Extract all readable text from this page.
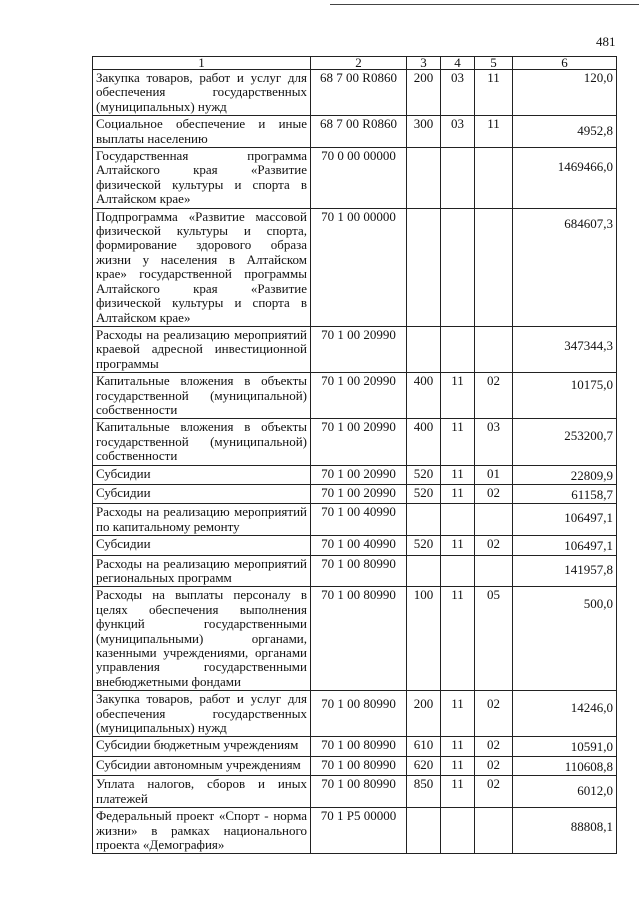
481
1	2	3	4	5	6
Закупка товаров, работ и услуг для обеспечения государственных (муниципальных) нужд	68 7 00 R0860	200	03	11	120,0
Социальное обеспечение и иные выплаты населению	68 7 00 R0860	300	03	11	4952,8
Государственная программа Алтайского края «Развитие физической культуры и спорта в Алтайском крае»	70 0 00 00000				1469466,0
Подпрограмма «Развитие массовой физической культуры и спорта, формирование здорового образа жизни у населения в Алтайском крае» государственной программы Алтайского края «Развитие физической культуры и спорта в Алтайском крае»	70 1 00 00000				684607,3
Расходы на реализацию мероприятий краевой адресной инвестиционной программы	70 1 00 20990				347344,3
Капитальные вложения в объекты государственной (муниципальной) собственности	70 1 00 20990	400	11	02	10175,0
Капитальные вложения в объекты государственной (муниципальной) собственности	70 1 00 20990	400	11	03	253200,7
Субсидии	70 1 00 20990	520	11	01	22809,9
Субсидии	70 1 00 20990	520	11	02	61158,7
Расходы на реализацию мероприятий по капитальному ремонту	70 1 00 40990				106497,1
Субсидии	70 1 00 40990	520	11	02	106497,1
Расходы на реализацию мероприятий региональных программ	70 1 00 80990				141957,8
Расходы на выплаты персоналу в целях обеспечения выполнения функций государственными (муниципальными) органами, казенными учреждениями, органами управления государственными внебюджетными фондами	70 1 00 80990	100	11	05	500,0
Закупка товаров, работ и услуг для обеспечения государственных (муниципальных) нужд	70 1 00 80990	200	11	02	14246,0
Субсидии бюджетным учреждениям	70 1 00 80990	610	11	02	10591,0
Субсидии автономным учреждениям	70 1 00 80990	620	11	02	110608,8
Уплата налогов, сборов и иных платежей	70 1 00 80990	850	11	02	6012,0
Федеральный проект «Спорт - норма жизни» в рамках национального проекта «Демография»	70 1 P5 00000				88808,1
